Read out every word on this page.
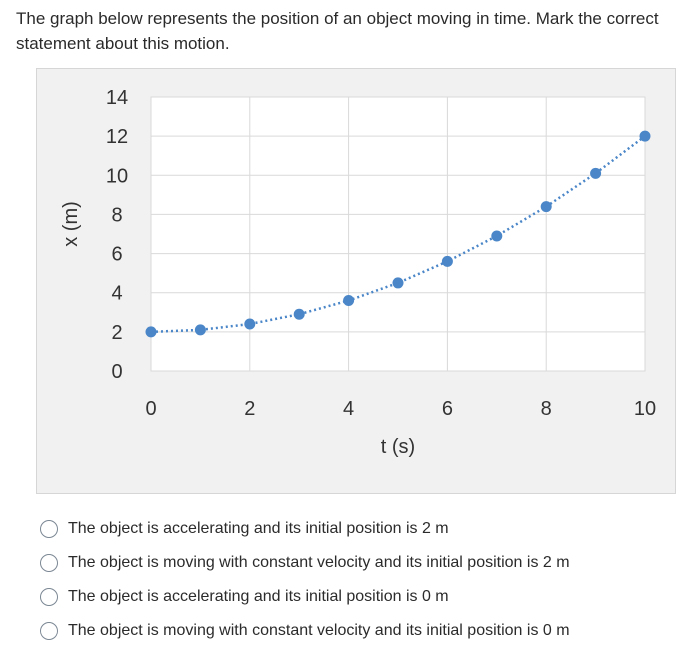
The graph below represents the position of an object moving in time. Mark the correct statement about this motion.
0	2	4	6	8	10
0
2
4
6
8
10
12
14
t (s)
x (m)
The object is accelerating and its initial position is 2 m
The object is moving with constant velocity and its initial position is 2 m
The object is accelerating and its initial position is 0 m
The object is moving with constant velocity and its initial position is 0 m
